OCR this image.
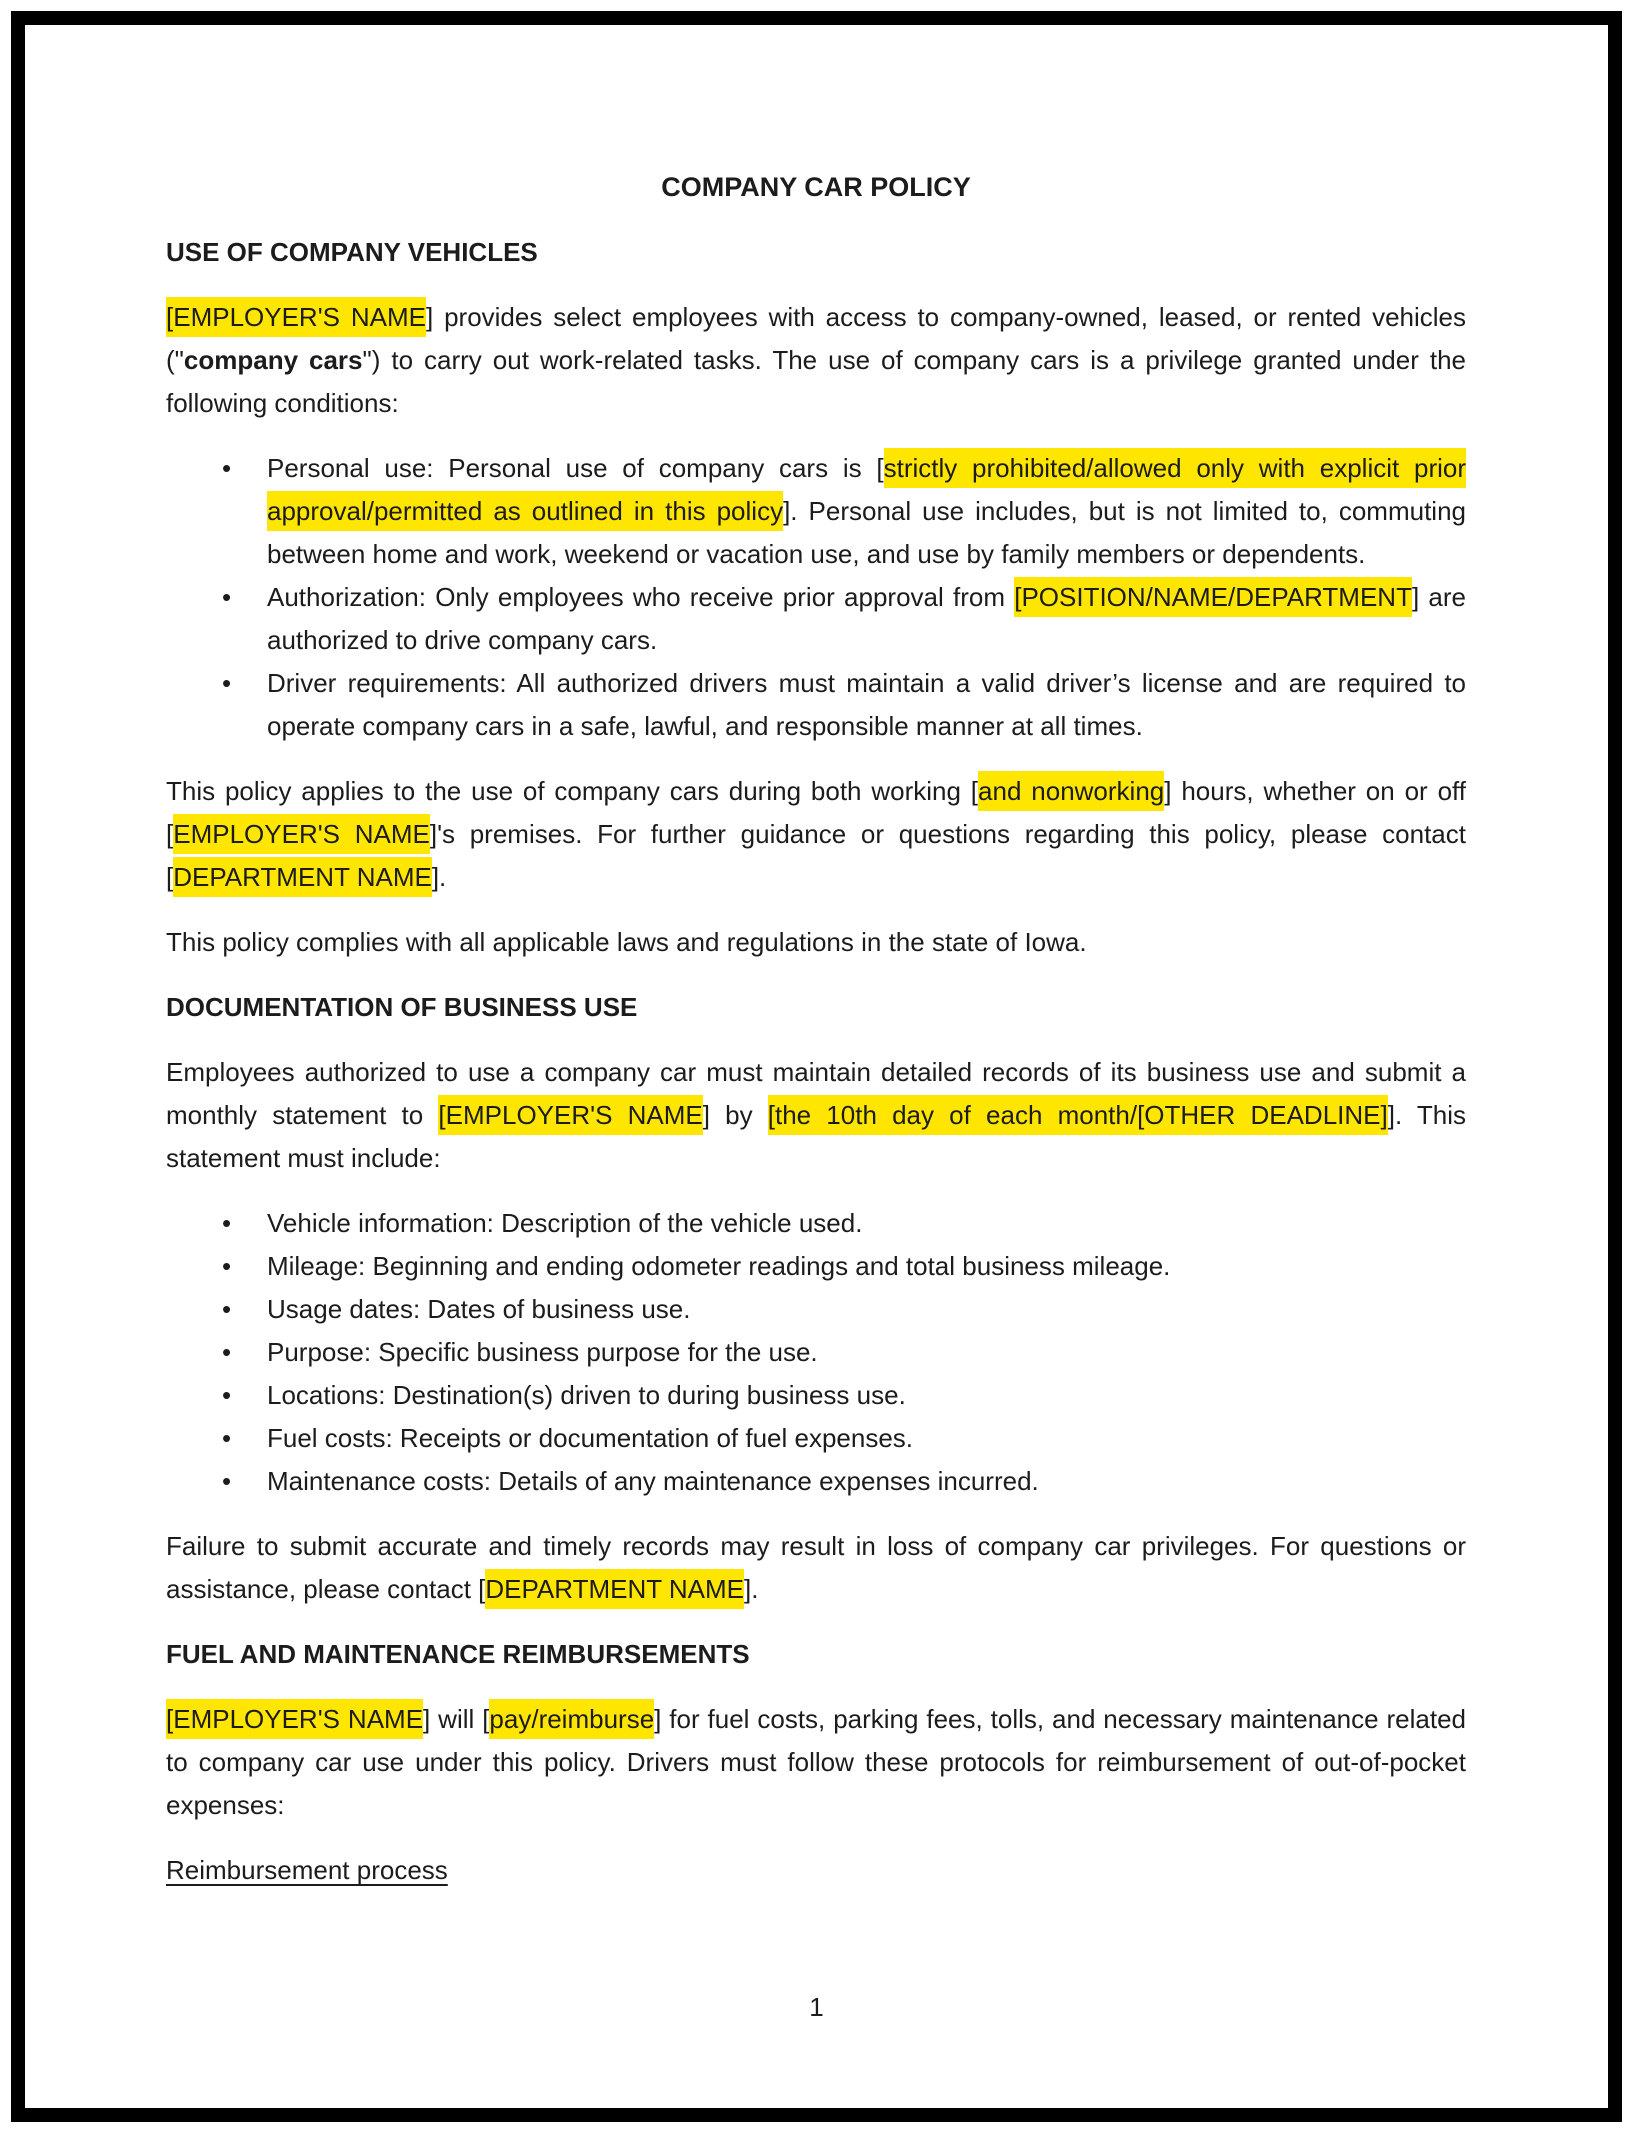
COMPANY CAR POLICY

USE OF COMPANY VEHICLES

[EMPLOYER'S NAME] provides select employees with access to company-owned, leased, or rented vehicles ("company cars") to carry out work-related tasks. The use of company cars is a privilege granted under the following conditions:

• Personal use: Personal use of company cars is [strictly prohibited/allowed only with explicit prior approval/permitted as outlined in this policy]. Personal use includes, but is not limited to, commuting between home and work, weekend or vacation use, and use by family members or dependents.
• Authorization: Only employees who receive prior approval from [POSITION/NAME/DEPARTMENT] are authorized to drive company cars.
• Driver requirements: All authorized drivers must maintain a valid driver’s license and are required to operate company cars in a safe, lawful, and responsible manner at all times.

This policy applies to the use of company cars during both working [and nonworking] hours, whether on or off [EMPLOYER'S NAME]'s premises. For further guidance or questions regarding this policy, please contact [DEPARTMENT NAME].

This policy complies with all applicable laws and regulations in the state of Iowa.

DOCUMENTATION OF BUSINESS USE

Employees authorized to use a company car must maintain detailed records of its business use and submit a monthly statement to [EMPLOYER'S NAME] by [the 10th day of each month/[OTHER DEADLINE]]. This statement must include:

• Vehicle information: Description of the vehicle used.
• Mileage: Beginning and ending odometer readings and total business mileage.
• Usage dates: Dates of business use.
• Purpose: Specific business purpose for the use.
• Locations: Destination(s) driven to during business use.
• Fuel costs: Receipts or documentation of fuel expenses.
• Maintenance costs: Details of any maintenance expenses incurred.

Failure to submit accurate and timely records may result in loss of company car privileges. For questions or assistance, please contact [DEPARTMENT NAME].

FUEL AND MAINTENANCE REIMBURSEMENTS

[EMPLOYER'S NAME] will [pay/reimburse] for fuel costs, parking fees, tolls, and necessary maintenance related to company car use under this policy. Drivers must follow these protocols for reimbursement of out-of-pocket expenses:

Reimbursement process

1
